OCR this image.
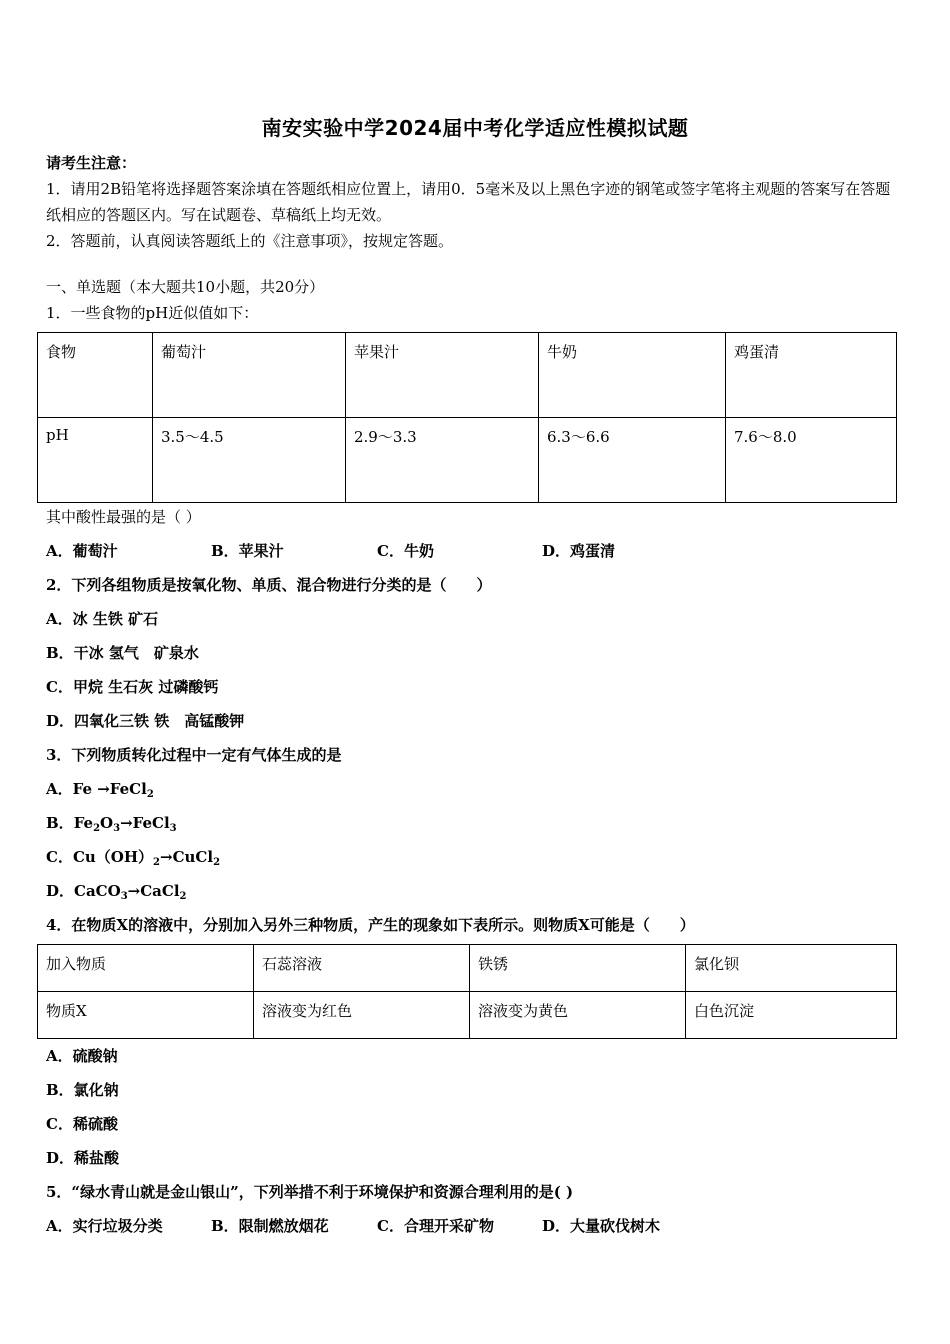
南安实验中学2024届中考化学适应性模拟试题
请考生注意：
1．请用2B铅笔将选择题答案涂填在答题纸相应位置上，请用0．5毫米及以上黑色字迹的钢笔或签字笔将主观题的答案写在答题纸相应的答题区内。写在试题卷、草稿纸上均无效。
2．答题前，认真阅读答题纸上的《注意事项》，按规定答题。
一、单选题（本大题共10小题，共20分）
1．一些食物的pH近似值如下：
食物	葡萄汁	苹果汁	牛奶	鸡蛋清
pH	3.5～4.5	2.9～3.3	6.3～6.6	7.6～8.0
其中酸性最强的是（ ）
A．葡萄汁	B．苹果汁	C．牛奶	D．鸡蛋清
2．下列各组物质是按氧化物、单质、混合物进行分类的是（　　）
A．冰 生铁 矿石
B．干冰 氢气　矿泉水
C．甲烷 生石灰 过磷酸钙
D．四氧化三铁 铁　高锰酸钾
3．下列物质转化过程中一定有气体生成的是
A．Fe →FeCl$_2$
B．$Fe_2O_3\to FeCl_3$
C．$Cu(OH)_2\to CuCl_2$
D．CaCO$_3$→CaCl$_2$
4．在物质X的溶液中，分别加入另外三种物质，产生的现象如下表所示。则物质X可能是（　　）
加入物质	石蕊溶液	铁锈	氯化钡
物质X	溶液变为红色	溶液变为黄色	白色沉淀
A．硫酸钠
B．氯化钠
C．稀硫酸
D．稀盐酸
5．“绿水青山就是金山银山”，下列举措不利于环境保护和资源合理利用的是( )
A．实行垃圾分类	B．限制燃放烟花	C．合理开采矿物	D．大量砍伐树木
